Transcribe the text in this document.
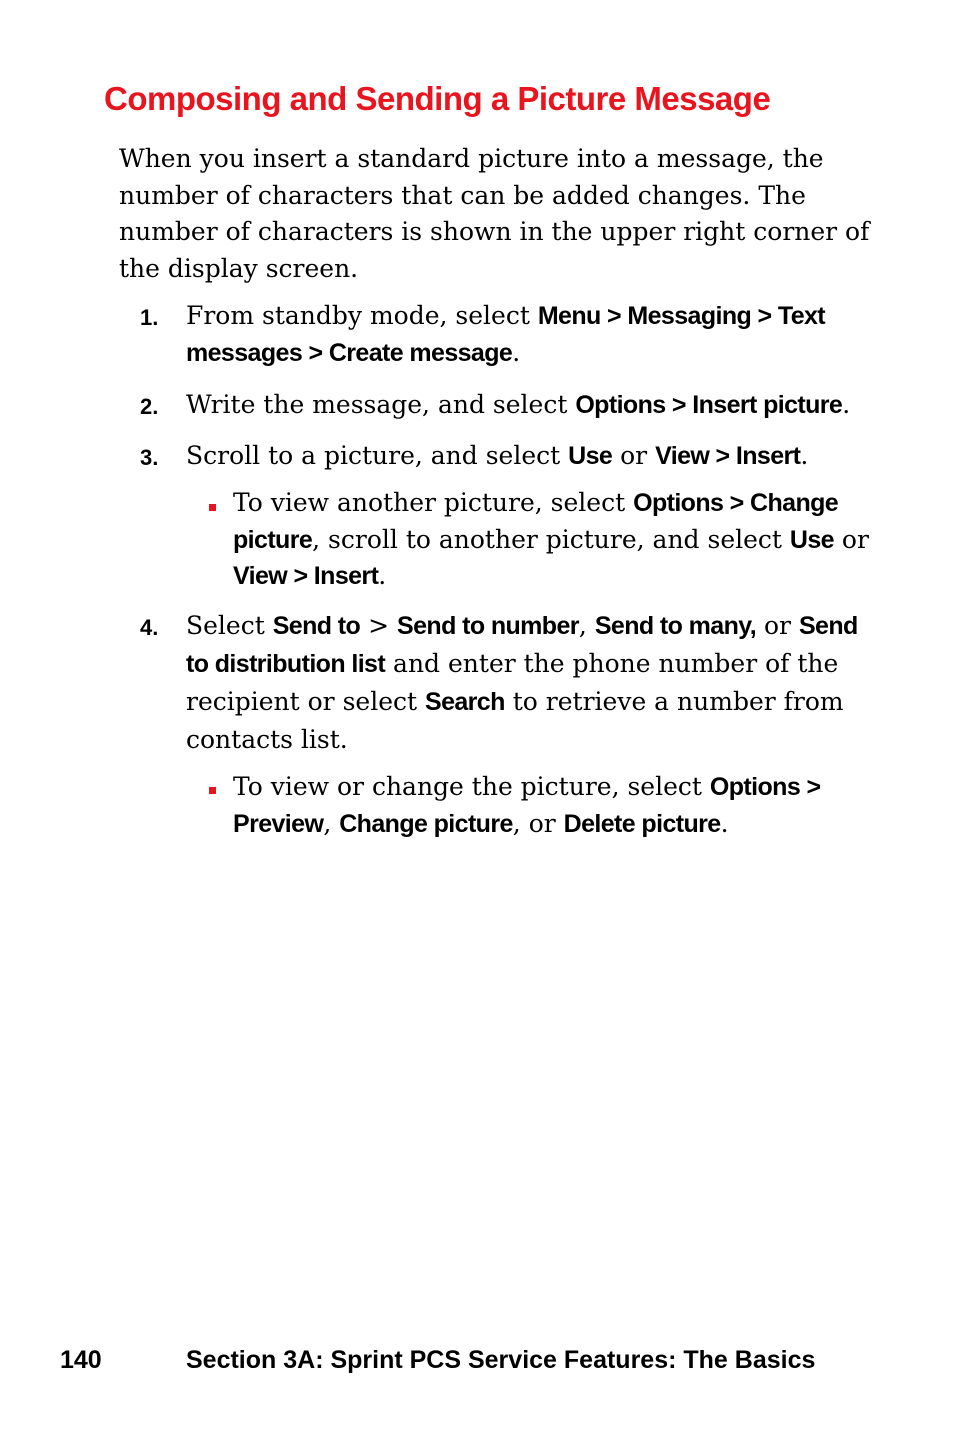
Composing and Sending a Picture Message

When you insert a standard picture into a message, the number of characters that can be added changes. The number of characters is shown in the upper right corner of the display screen.

1. From standby mode, select Menu > Messaging > Text messages > Create message.

2. Write the message, and select Options > Insert picture.

3. Scroll to a picture, and select Use or View > Insert.

To view another picture, select Options > Change picture, scroll to another picture, and select Use or View > Insert.

4. Select Send to > Send to number, Send to many, or Send to distribution list and enter the phone number of the recipient or select Search to retrieve a number from contacts list.

To view or change the picture, select Options > Preview, Change picture, or Delete picture.

140	Section 3A: Sprint PCS Service Features: The Basics
